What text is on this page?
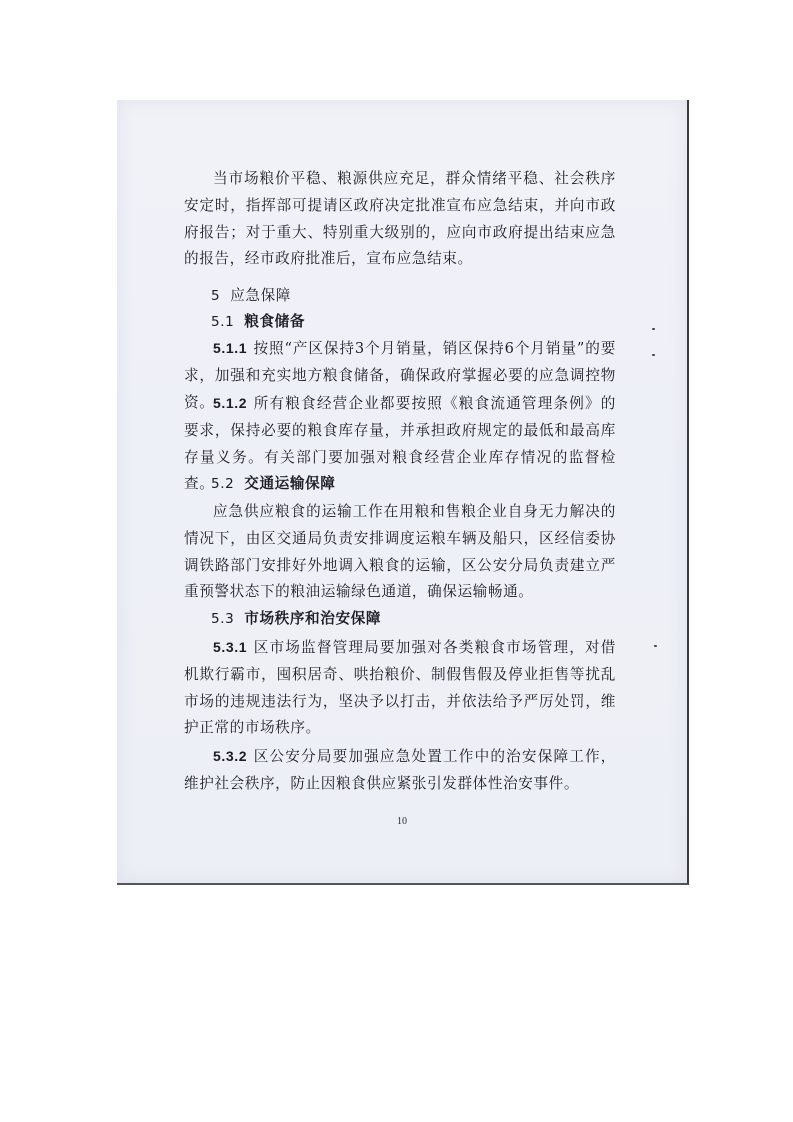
当市场粮价平稳、粮源供应充足，群众情绪平稳、社会秩序安定时，指挥部可提请区政府决定批准宣布应急结束，并向市政府报告；对于重大、特别重大级别的，应向市政府提出结束应急的报告，经市政府批准后，宣布应急结束。

5 应急保障

5.1 粮食储备

5.1.1 按照“产区保持3个月销量，销区保持6个月销量”的要求，加强和充实地方粮食储备，确保政府掌握必要的应急调控物资。

5.1.2 所有粮食经营企业都要按照《粮食流通管理条例》的要求，保持必要的粮食库存量，并承担政府规定的最低和最高库存量义务。有关部门要加强对粮食经营企业库存情况的监督检查。

5.2 交通运输保障

应急供应粮食的运输工作在用粮和售粮企业自身无力解决的情况下，由区交通局负责安排调度运粮车辆及船只，区经信委协调铁路部门安排好外地调入粮食的运输，区公安分局负责建立严重预警状态下的粮油运输绿色通道，确保运输畅通。

5.3 市场秩序和治安保障

5.3.1 区市场监督管理局要加强对各类粮食市场管理，对借机欺行霸市，囤积居奇、哄抬粮价、制假售假及停业拒售等扰乱市场的违规违法行为，坚决予以打击，并依法给予严厉处罚，维护正常的市场秩序。

5.3.2 区公安分局要加强应急处置工作中的治安保障工作，维护社会秩序，防止因粮食供应紧张引发群体性治安事件。

10
